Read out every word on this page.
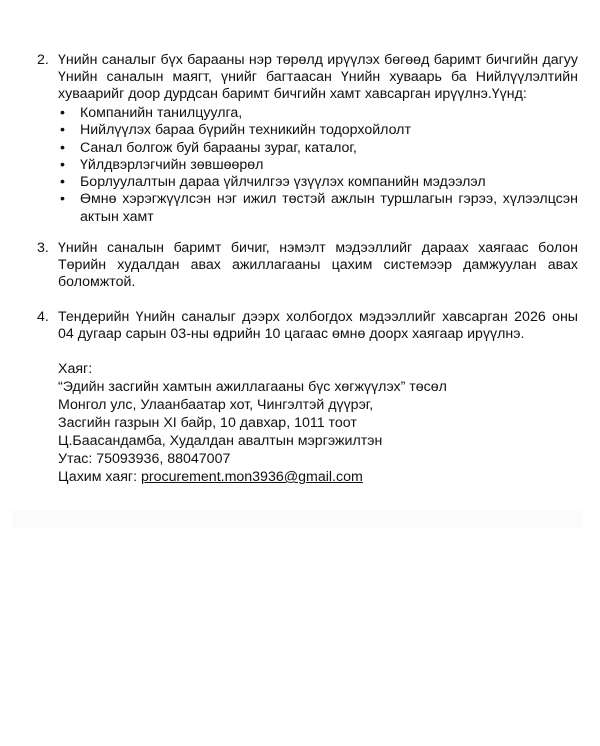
2. Үнийн саналыг бүх барааны нэр төрөлд ирүүлэх бөгөөд баримт бичгийн дагуу
Үнийн саналын маягт, үнийг багтаасан Үнийн хуваарь ба Нийлүүлэлтийн
хуваарийг доор дурдсан баримт бичгийн хамт хавсарган ирүүлнэ.Үүнд:
• Компанийн танилцуулга,
• Нийлүүлэх бараа бүрийн техникийн тодорхойлолт
• Санал болгож буй барааны зураг, каталог,
• Үйлдвэрлэгчийн зөвшөөрөл
• Борлуулалтын дараа үйлчилгээ үзүүлэх компанийн мэдээлэл
• Өмнө хэрэгжүүлсэн нэг ижил төстэй ажлын туршлагын гэрээ, хүлээлцсэн актын хамт
3. Үнийн саналын баримт бичиг, нэмэлт мэдээллийг дараах хаягаас болон
Төрийн худалдан авах ажиллагааны цахим системээр дамжуулан авах
боломжтой.
4. Тендерийн Үнийн саналыг дээрх холбогдох мэдээллийг хавсарган 2026 оны
04 дугаар сарын 03-ны өдрийн 10 цагаас өмнө доорх хаягаар ирүүлнэ.
Хаяг:
“Эдийн засгийн хамтын ажиллагааны бүс хөгжүүлэх” төсөл
Монгол улс, Улаанбаатар хот, Чингэлтэй дүүрэг,
Засгийн газрын XI байр, 10 давхар, 1011 тоот
Ц.Баасандамба, Худалдан авалтын мэргэжилтэн
Утас: 75093936, 88047007
Цахим хаяг: procurement.mon3936@gmail.com
